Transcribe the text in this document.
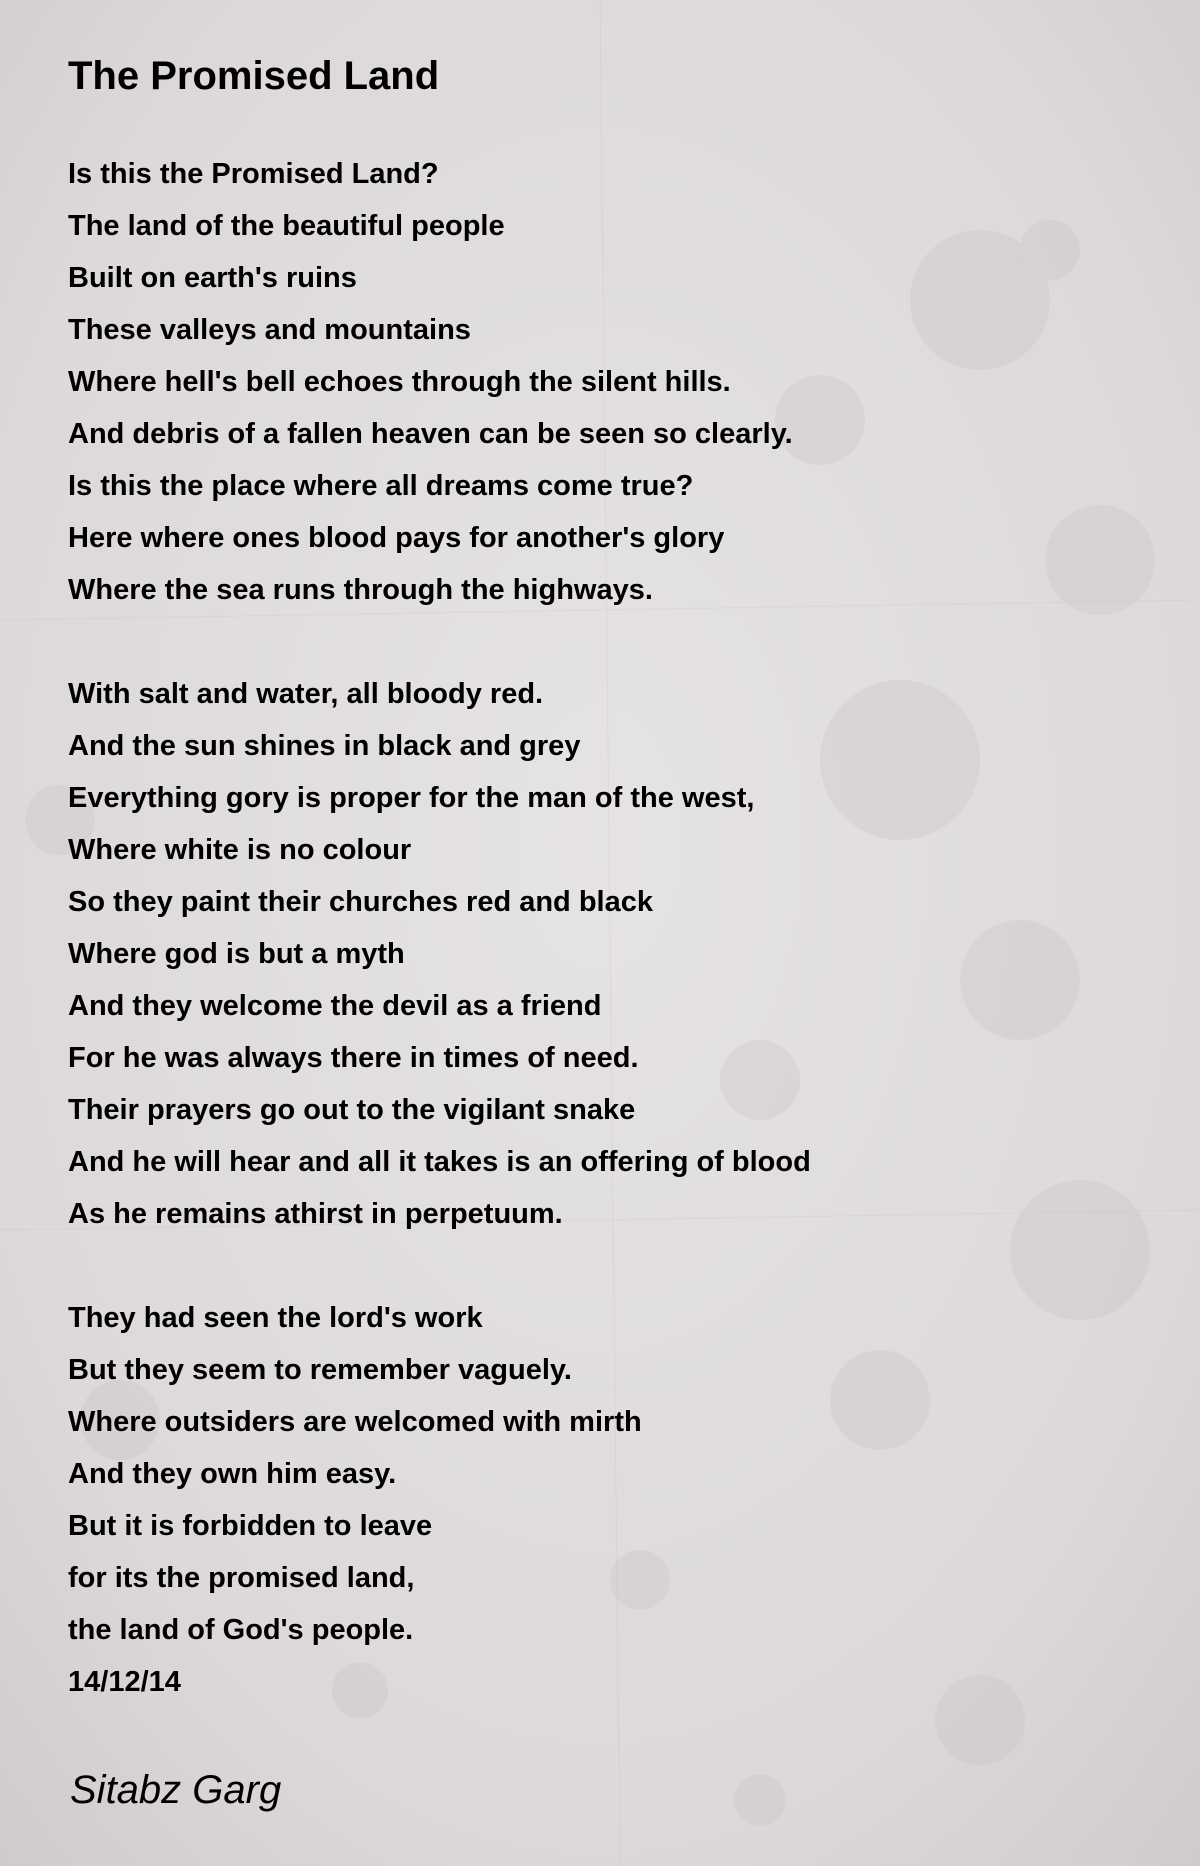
The Promised Land
Is this the Promised Land?
The land of the beautiful people
Built on earth's ruins
These valleys and mountains
Where hell's bell echoes through the silent hills.
And debris of a fallen heaven can be seen so clearly.
Is this the place where all dreams come true?
Here where ones blood pays for another's glory
Where the sea runs through the highways.
With salt and water, all bloody red.
And the sun shines in black and grey
Everything gory is proper for the man of the west,
Where white is no colour
So they paint their churches red and black
Where god is but a myth
And they welcome the devil as a friend
For he was always there in times of need.
Their prayers go out to the vigilant snake
And he will hear and all it takes is an offering of blood
As he remains athirst in perpetuum.
They had seen the lord's work
But they seem to remember vaguely.
Where outsiders are welcomed with mirth
And they own him easy.
But it is forbidden to leave
for its the promised land,
the land of God's people.
14/12/14
Sitabz Garg
